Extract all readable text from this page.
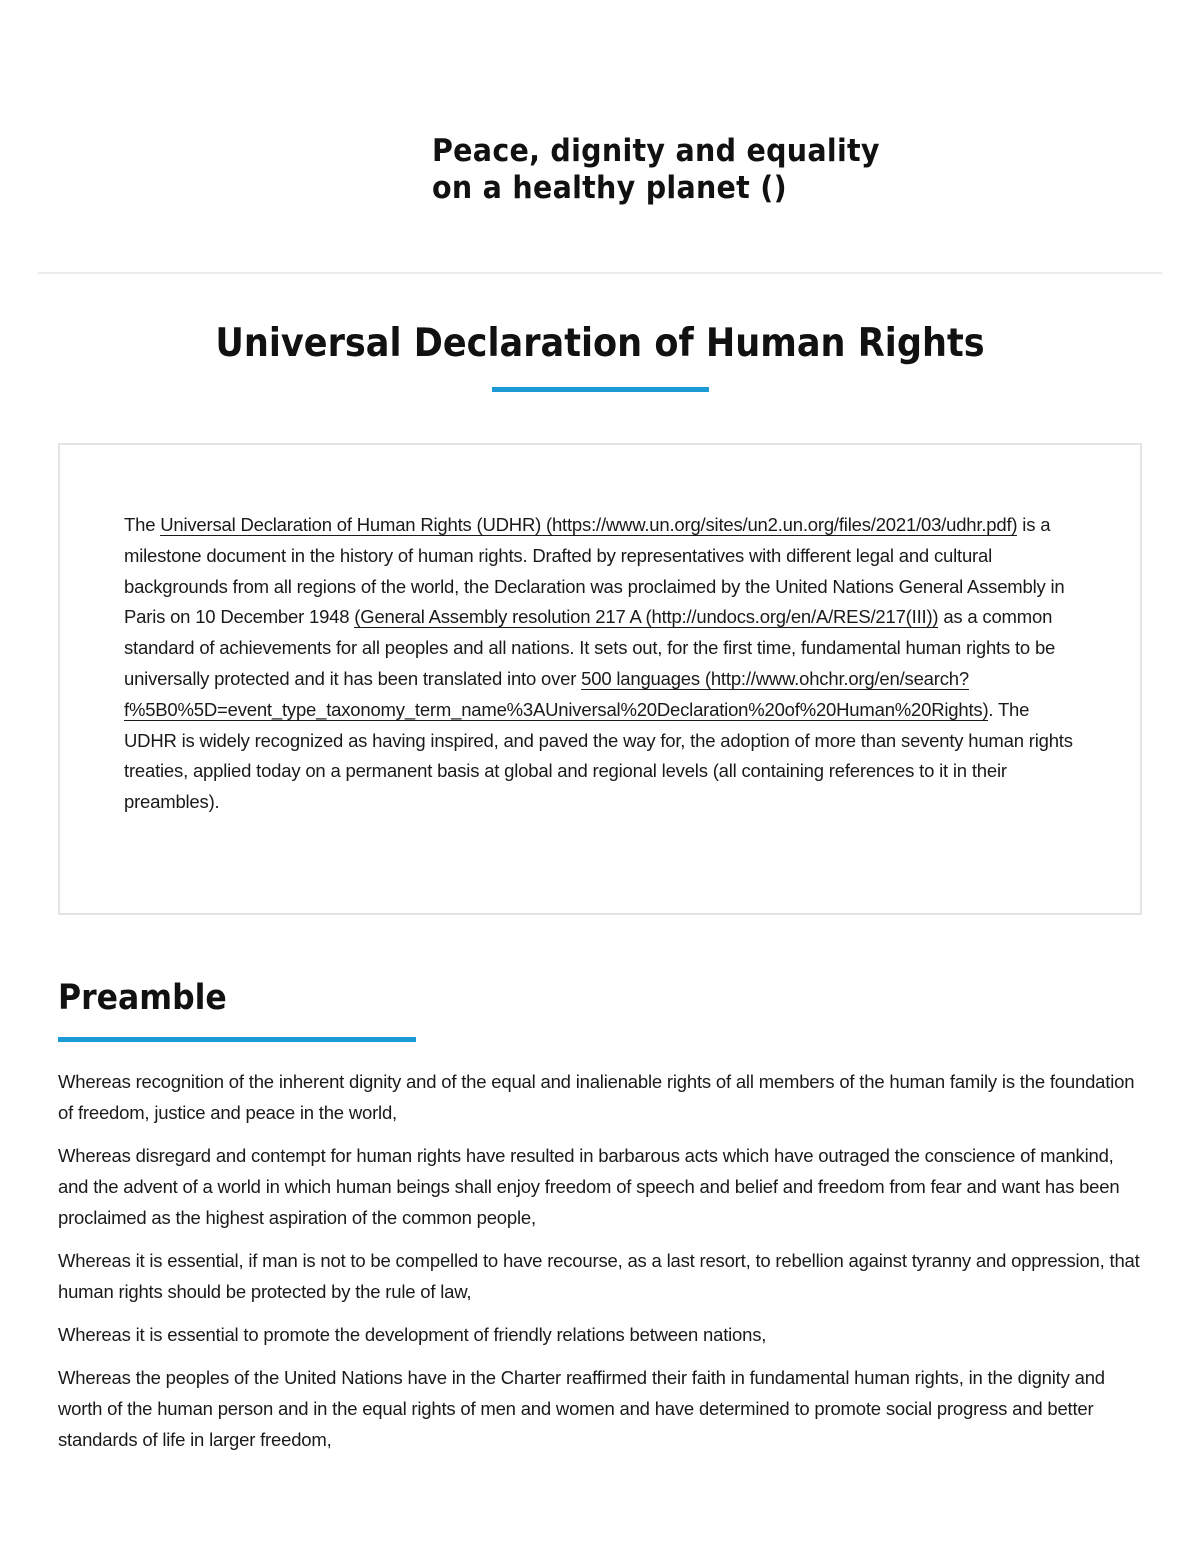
Peace, dignity and equality
on a healthy planet ()
Universal Declaration of Human Rights

The Universal Declaration of Human Rights (UDHR) (https://www.un.org/sites/un2.un.org/files/2021/03/udhr.pdf) is a milestone document in the history of human rights. Drafted by representatives with different legal and cultural backgrounds from all regions of the world, the Declaration was proclaimed by the United Nations General Assembly in Paris on 10 December 1948 (General Assembly resolution 217 A (http://undocs.org/en/A/RES/217(III)) as a common standard of achievements for all peoples and all nations. It sets out, for the first time, fundamental human rights to be universally protected and it has been translated into over 500 languages (http://www.ohchr.org/en/search?f%5B0%5D=event_type_taxonomy_term_name%3AUniversal%20Declaration%20of%20Human%20Rights). The UDHR is widely recognized as having inspired, and paved the way for, the adoption of more than seventy human rights treaties, applied today on a permanent basis at global and regional levels (all containing references to it in their preambles).

Preamble

Whereas recognition of the inherent dignity and of the equal and inalienable rights of all members of the human family is the foundation of freedom, justice and peace in the world,

Whereas disregard and contempt for human rights have resulted in barbarous acts which have outraged the conscience of mankind, and the advent of a world in which human beings shall enjoy freedom of speech and belief and freedom from fear and want has been proclaimed as the highest aspiration of the common people,

Whereas it is essential, if man is not to be compelled to have recourse, as a last resort, to rebellion against tyranny and oppression, that human rights should be protected by the rule of law,

Whereas it is essential to promote the development of friendly relations between nations,

Whereas the peoples of the United Nations have in the Charter reaffirmed their faith in fundamental human rights, in the dignity and worth of the human person and in the equal rights of men and women and have determined to promote social progress and better standards of life in larger freedom,
